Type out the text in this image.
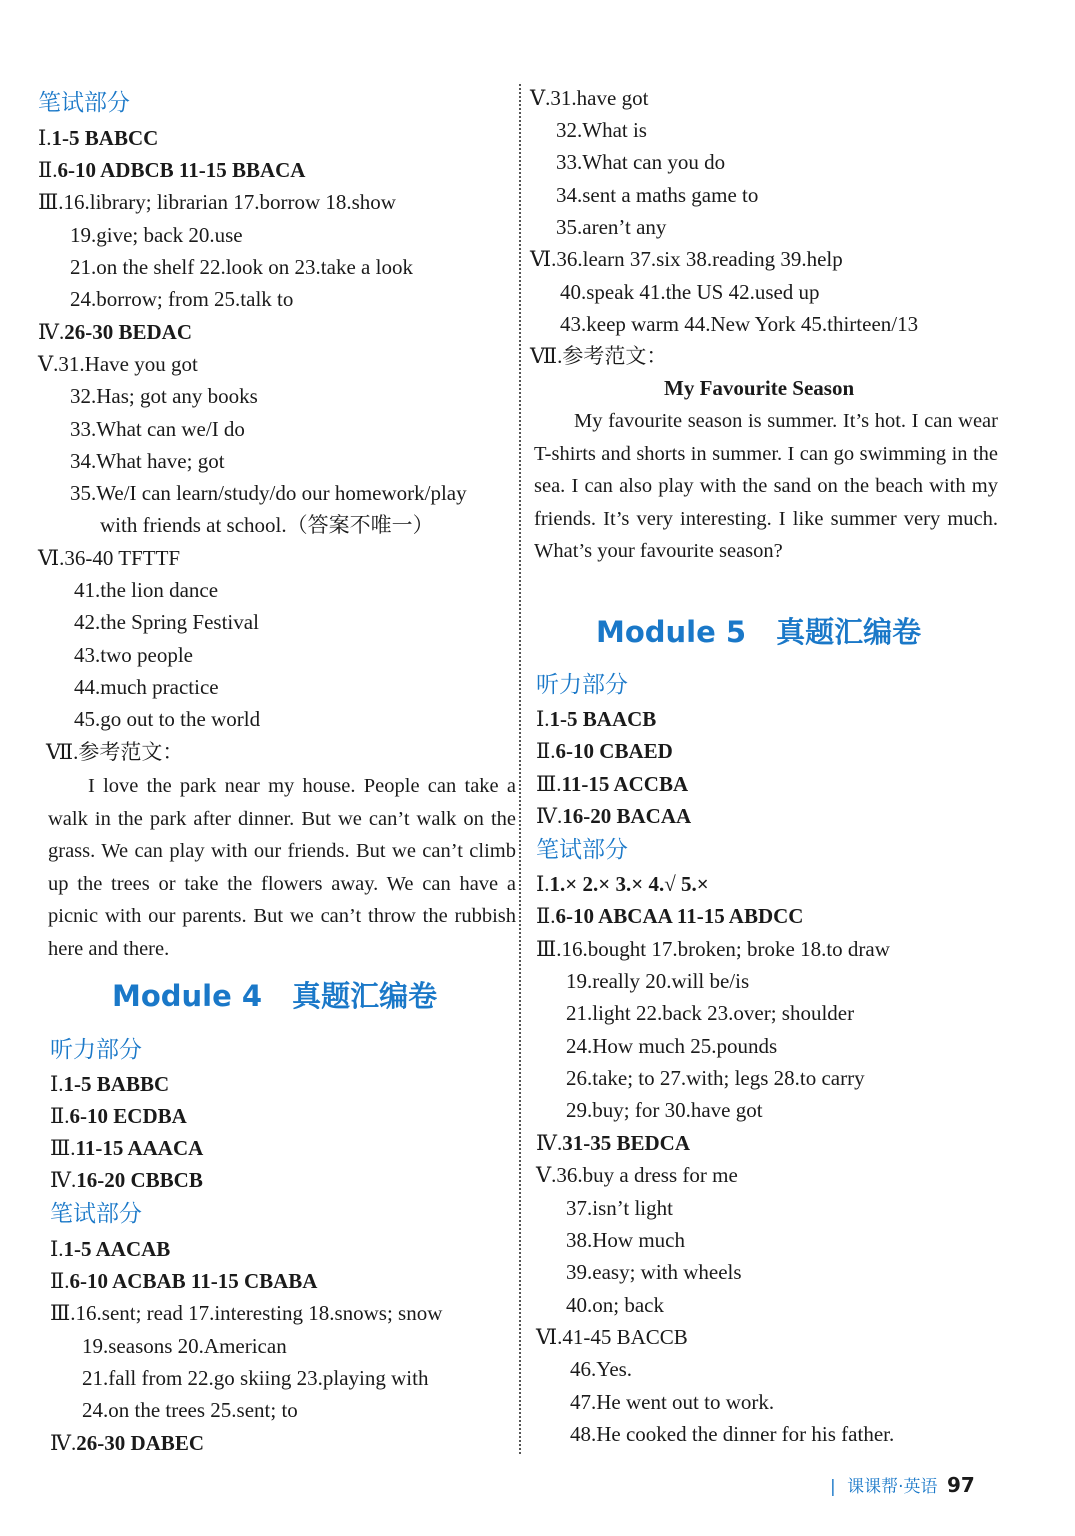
笔试部分
Ⅰ.1-5 BABCC
Ⅱ.6-10 ADBCB 11-15 BBACA
Ⅲ.16.library; librarian 17.borrow 18.show
19.give; back 20.use
21.on the shelf 22.look on 23.take a look
24.borrow; from 25.talk to
Ⅳ.26-30 BEDAC
Ⅴ.31.Have you got
32.Has; got any books
33.What can we/I do
34.What have; got
35.We/I can learn/study/do our homework/play
with friends at school.（答案不唯一）
Ⅵ.36-40 TFTTF
41.the lion dance
42.the Spring Festival
43.two people
44.much practice
45.go out to the world
Ⅶ.参考范文：
I love the park near my house. People can take a walk in the park after dinner. But we can’t walk on the grass. We can play with our friends. But we can’t climb up the trees or take the flowers away. We can have a picnic with our parents. But we can’t throw the rubbish here and there.
Module 4 真题汇编卷
听力部分
Ⅰ.1-5 BABBC
Ⅱ.6-10 ECDBA
Ⅲ.11-15 AAACA
Ⅳ.16-20 CBBCB
笔试部分
Ⅰ.1-5 AACAB
Ⅱ.6-10 ACBAB 11-15 CBABA
Ⅲ.16.sent; read 17.interesting 18.snows; snow
19.seasons 20.American
21.fall from 22.go skiing 23.playing with
24.on the trees 25.sent; to
Ⅳ.26-30 DABEC
Ⅴ.31.have got
32.What is
33.What can you do
34.sent a maths game to
35.aren’t any
Ⅵ.36.learn 37.six 38.reading 39.help
40.speak 41.the US 42.used up
43.keep warm 44.New York 45.thirteen/13
Ⅶ.参考范文：
My Favourite Season
My favourite season is summer. It’s hot. I can wear T-shirts and shorts in summer. I can go swimming in the sea. I can also play with the sand on the beach with my friends. It’s very interesting. I like summer very much. What’s your favourite season?
Module 5 真题汇编卷
听力部分
Ⅰ.1-5 BAACB
Ⅱ.6-10 CBAED
Ⅲ.11-15 ACCBA
Ⅳ.16-20 BACAA
笔试部分
Ⅰ.1.× 2.× 3.× 4.√ 5.×
Ⅱ.6-10 ABCAA 11-15 ABDCC
Ⅲ.16.bought 17.broken; broke 18.to draw
19.really 20.will be/is
21.light 22.back 23.over; shoulder
24.How much 25.pounds
26.take; to 27.with; legs 28.to carry
29.buy; for 30.have got
Ⅳ.31-35 BEDCA
Ⅴ.36.buy a dress for me
37.isn’t light
38.How much
39.easy; with wheels
40.on; back
Ⅵ.41-45 BACCB
46.Yes.
47.He went out to work.
48.He cooked the dinner for his father.
| 课课帮·英语 97
